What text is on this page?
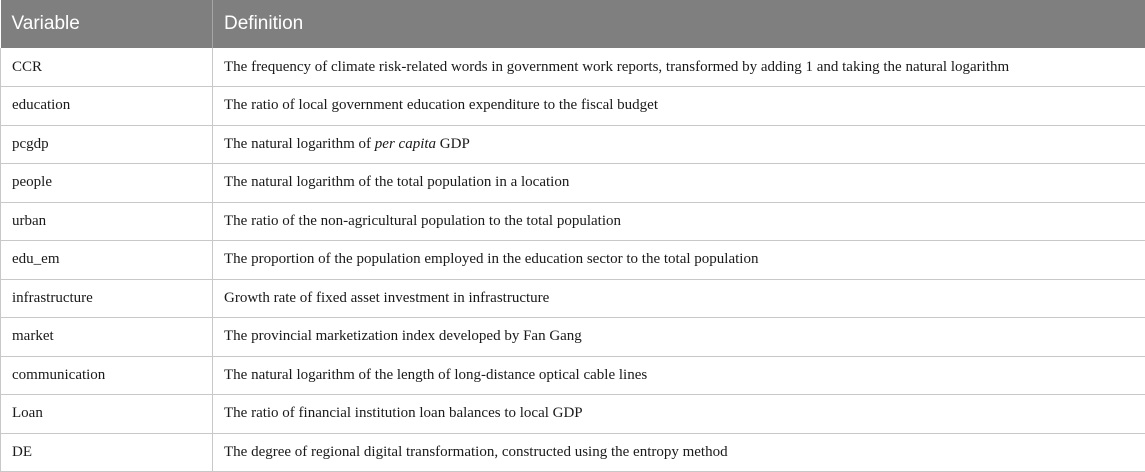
Variable	Definition
CCR	The frequency of climate risk-related words in government work reports, transformed by adding 1 and taking the natural logarithm
education	The ratio of local government education expenditure to the fiscal budget
pcgdp	The natural logarithm of per capita GDP
people	The natural logarithm of the total population in a location
urban	The ratio of the non-agricultural population to the total population
edu_em	The proportion of the population employed in the education sector to the total population
infrastructure	Growth rate of fixed asset investment in infrastructure
market	The provincial marketization index developed by Fan Gang
communication	The natural logarithm of the length of long-distance optical cable lines
Loan	The ratio of financial institution loan balances to local GDP
DE	The degree of regional digital transformation, constructed using the entropy method
